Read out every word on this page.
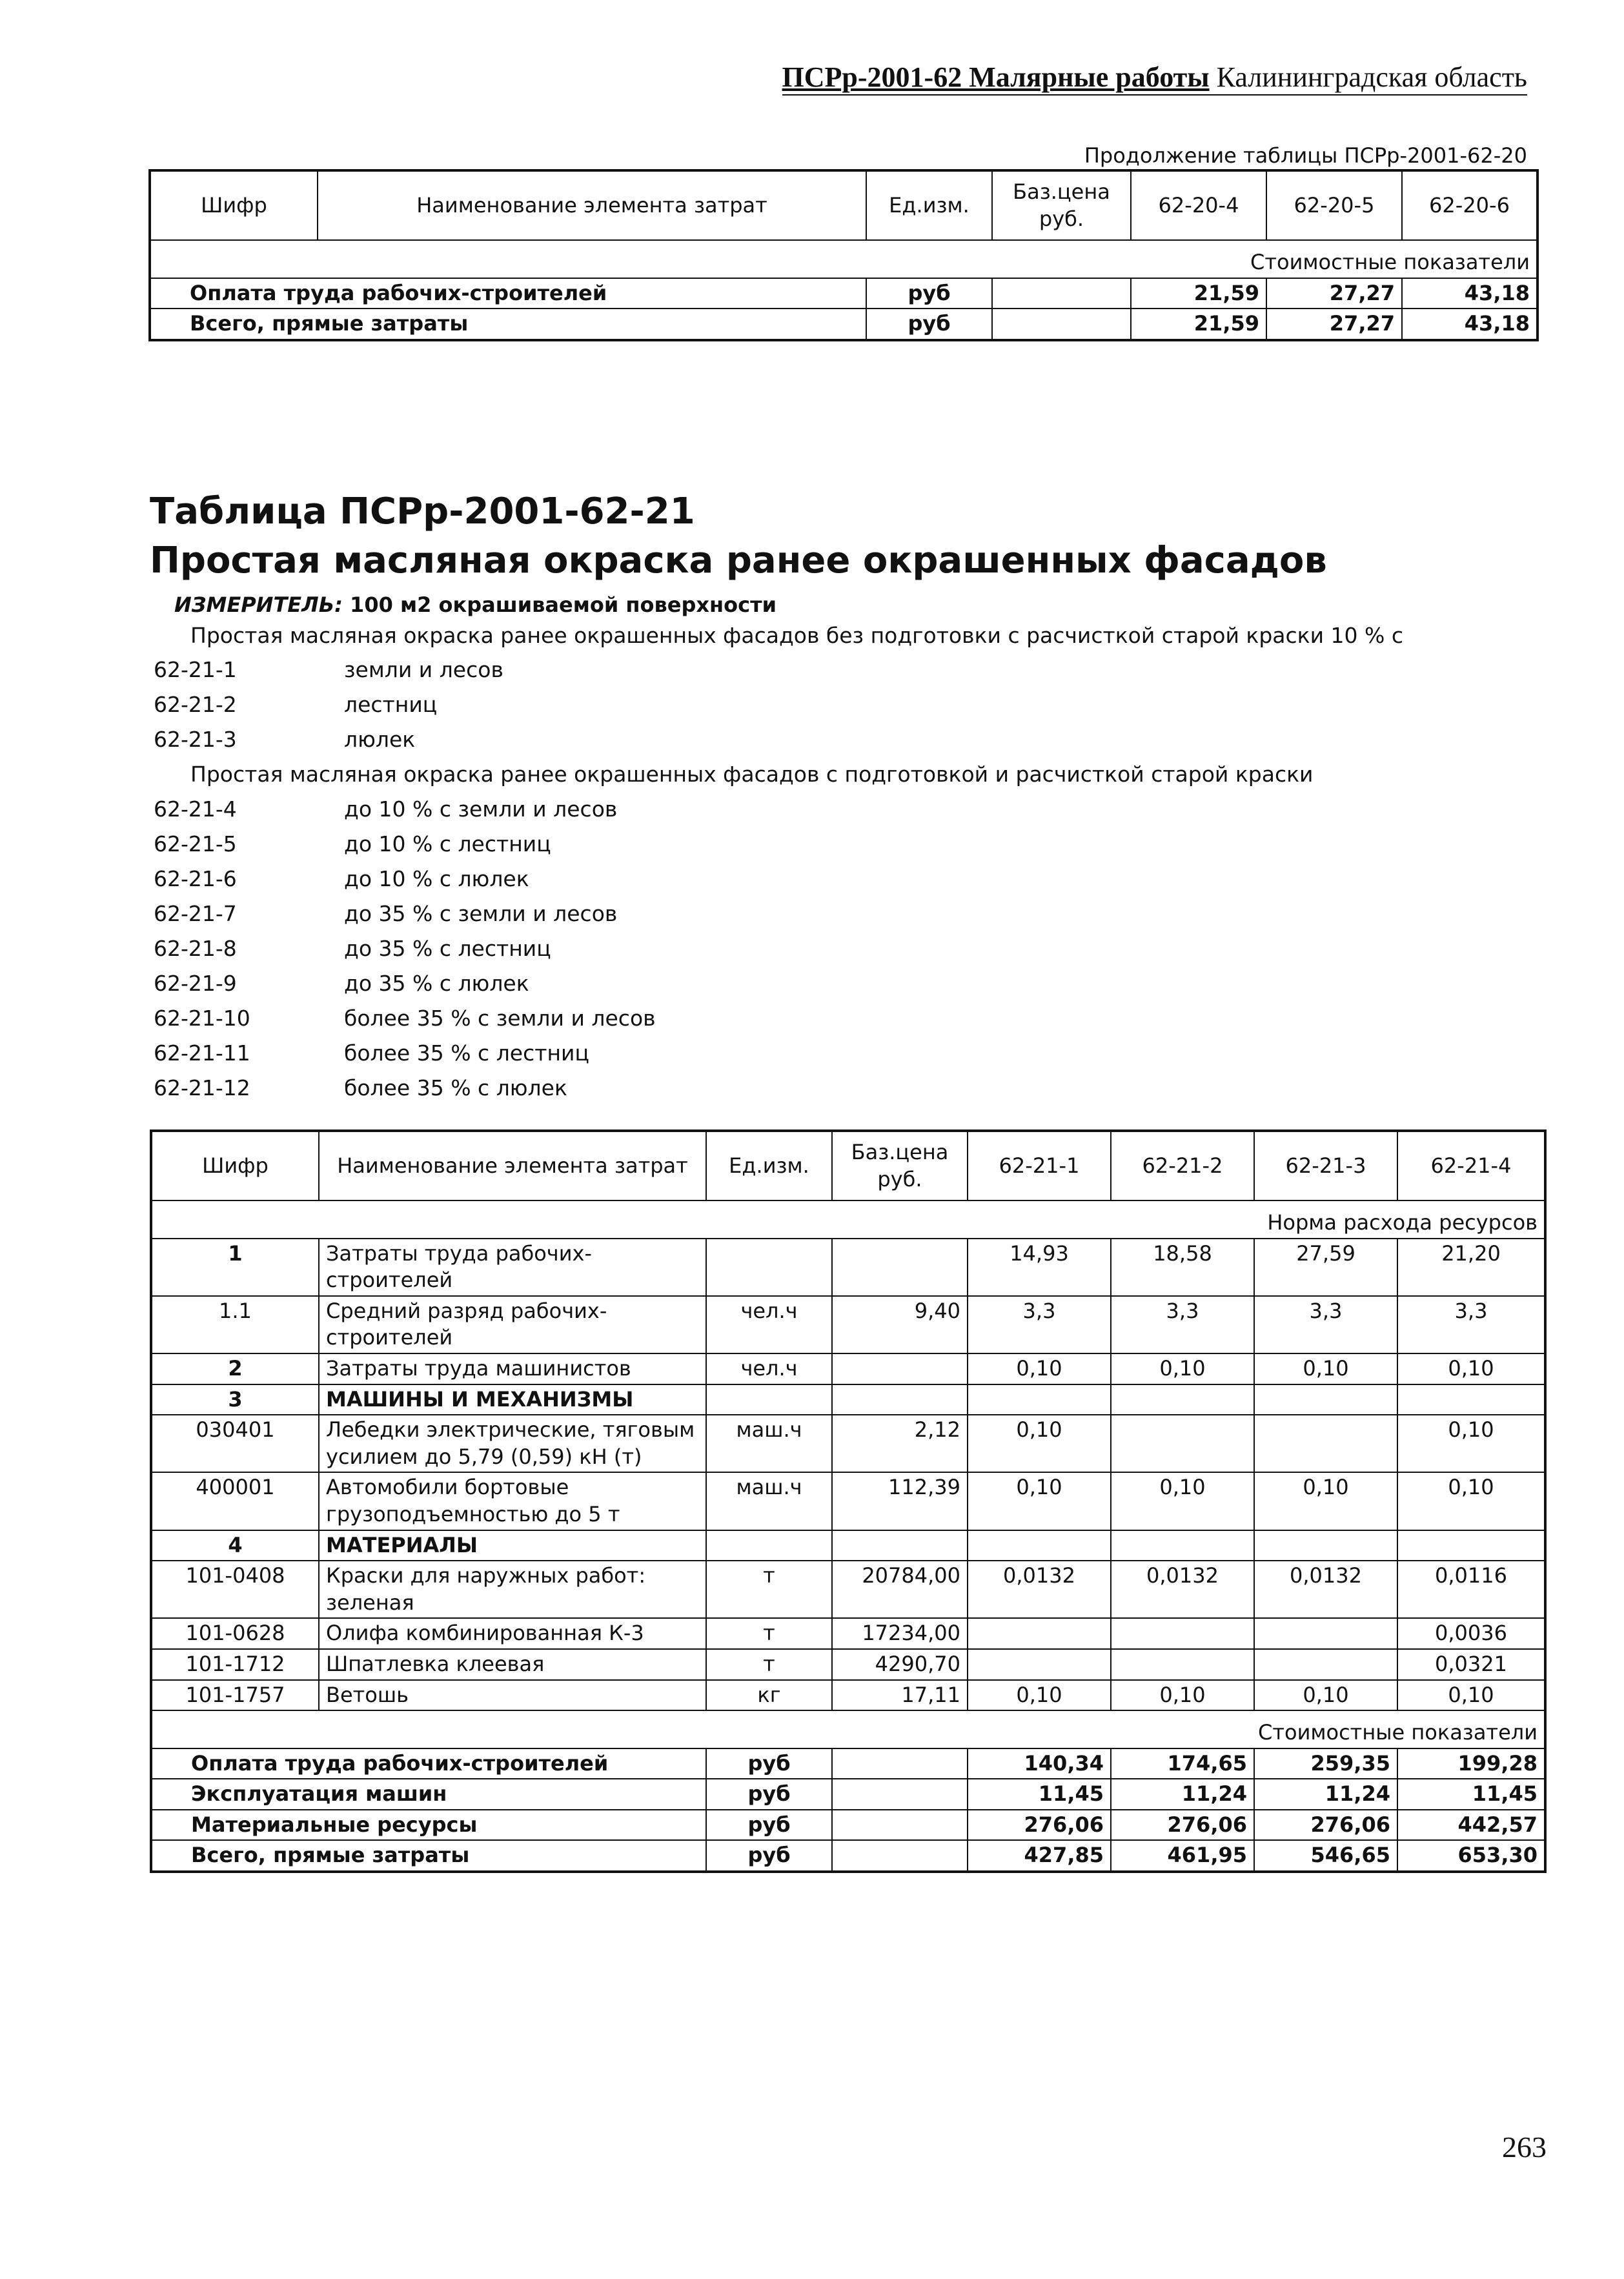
ПСРр-2001-62 Малярные работы Калининградская область
Продолжение таблицы ПСРр-2001-62-20
Шифр	Наименование элемента затрат	Ед.изм.	Баз.цена руб.	62-20-4	62-20-5	62-20-6

Стоимостные показатели						
Оплата труда рабочих-строителей		руб		21,59	27,27	43,18
Всего, прямые затраты		руб		21,59	27,27	43,18
Таблица ПСРр-2001-62-21
Простая масляная окраска ранее окрашенных фасадов
ИЗМЕРИТЕЛЬ: 100 м2 окрашиваемой поверхности
Простая масляная окраска ранее окрашенных фасадов без подготовки с расчисткой старой краски 10 % с
62-21-1	земли и лесов
62-21-2	лестниц
62-21-3	люлек
Простая масляная окраска ранее окрашенных фасадов с подготовкой и расчисткой старой краски
62-21-4	до 10 % с земли и лесов
62-21-5	до 10 % с лестниц
62-21-6	до 10 % с люлек
62-21-7	до 35 % с земли и лесов
62-21-8	до 35 % с лестниц
62-21-9	до 35 % с люлек
62-21-10	более 35 % с земли и лесов
62-21-11	более 35 % с лестниц
62-21-12	более 35 % с люлек
Шифр	Наименование элемента затрат	Ед.изм.	Баз.цена руб.	62-21-1	62-21-2	62-21-3	62-21-4

Норма расхода ресурсов							
1	Затраты труда рабочих-строителей			14,93	18,58	27,59	21,20
1.1	Средний разряд рабочих-строителей	чел.ч	9,40	3,3	3,3	3,3	3,3
2	Затраты труда машинистов	чел.ч		0,10	0,10	0,10	0,10
3	МАШИНЫ И МЕХАНИЗМЫ						
030401	Лебедки электрические, тяговым усилием до 5,79 (0,59) кН (т)	маш.ч	2,12	0,10			0,10
400001	Автомобили бортовые грузоподъемностью до 5 т	маш.ч	112,39	0,10	0,10	0,10	0,10
4	МАТЕРИАЛЫ						
101-0408	Краски для наружных работ: зеленая	т	20784,00	0,0132	0,0132	0,0132	0,0116
101-0628	Олифа комбинированная К-3	т	17234,00				0,0036
101-1712	Шпатлевка клеевая	т	4290,70				0,0321
101-1757	Ветошь	кг	17,11	0,10	0,10	0,10	0,10

Стоимостные показатели							
Оплата труда рабочих-строителей		руб		140,34	174,65	259,35	199,28
Эксплуатация машин		руб		11,45	11,24	11,24	11,45
Материальные ресурсы		руб		276,06	276,06	276,06	442,57
Всего, прямые затраты		руб		427,85	461,95	546,65	653,30
263
